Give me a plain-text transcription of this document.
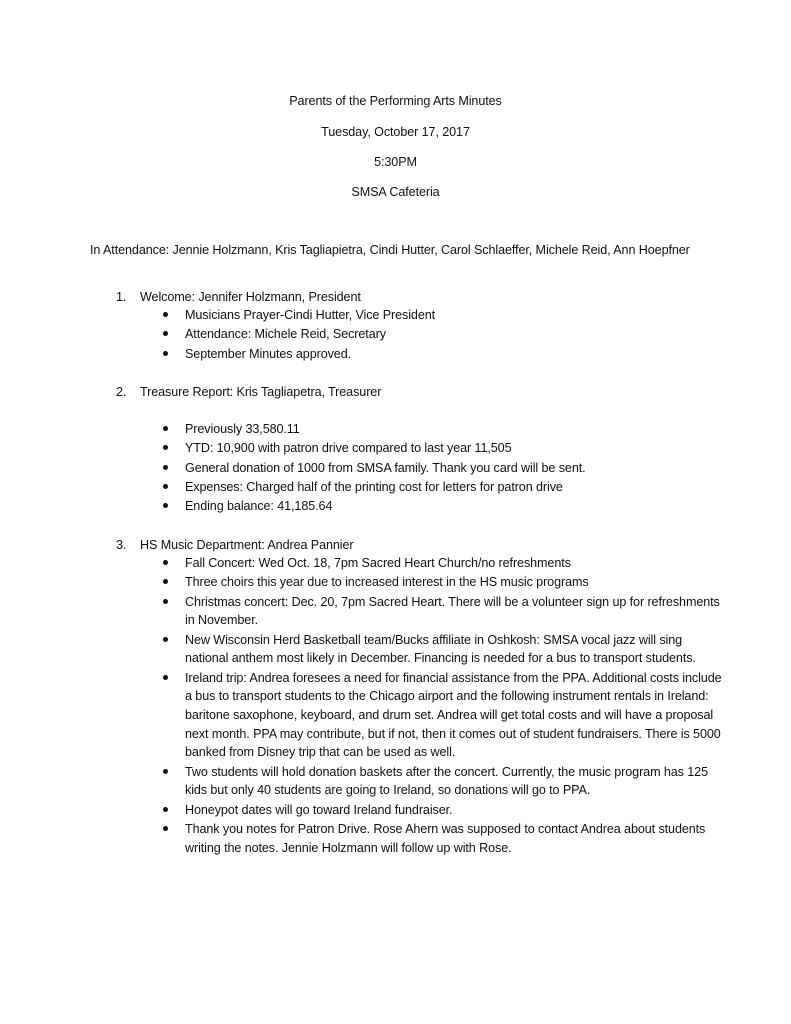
Parents of the Performing Arts Minutes
Tuesday, October 17, 2017
5:30PM
SMSA Cafeteria
In Attendance: Jennie Holzmann, Kris Tagliapietra, Cindi Hutter, Carol Schlaeffer, Michele Reid, Ann Hoepfner
1. Welcome: Jennifer Holzmann, President
Musicians Prayer-Cindi Hutter, Vice President
Attendance: Michele Reid, Secretary
September Minutes approved.
2. Treasure Report: Kris Tagliapetra, Treasurer
Previously 33,580.11
YTD: 10,900 with patron drive compared to last year 11,505
General donation of 1000 from SMSA family. Thank you card will be sent.
Expenses: Charged half of the printing cost for letters for patron drive
Ending balance: 41,185.64
3. HS Music Department: Andrea Pannier
Fall Concert: Wed Oct. 18, 7pm Sacred Heart Church/no refreshments
Three choirs this year due to increased interest in the HS music programs
Christmas concert: Dec. 20, 7pm Sacred Heart. There will be a volunteer sign up for refreshments in November.
New Wisconsin Herd Basketball team/Bucks affiliate in Oshkosh: SMSA vocal jazz will sing national anthem most likely in December. Financing is needed for a bus to transport students.
Ireland trip: Andrea foresees a need for financial assistance from the PPA. Additional costs include a bus to transport students to the Chicago airport and the following instrument rentals in Ireland: baritone saxophone, keyboard, and drum set. Andrea will get total costs and will have a proposal next month. PPA may contribute, but if not, then it comes out of student fundraisers. There is 5000 banked from Disney trip that can be used as well.
Two students will hold donation baskets after the concert. Currently, the music program has 125 kids but only 40 students are going to Ireland, so donations will go to PPA.
Honeypot dates will go toward Ireland fundraiser.
Thank you notes for Patron Drive. Rose Ahern was supposed to contact Andrea about students writing the notes. Jennie Holzmann will follow up with Rose.
